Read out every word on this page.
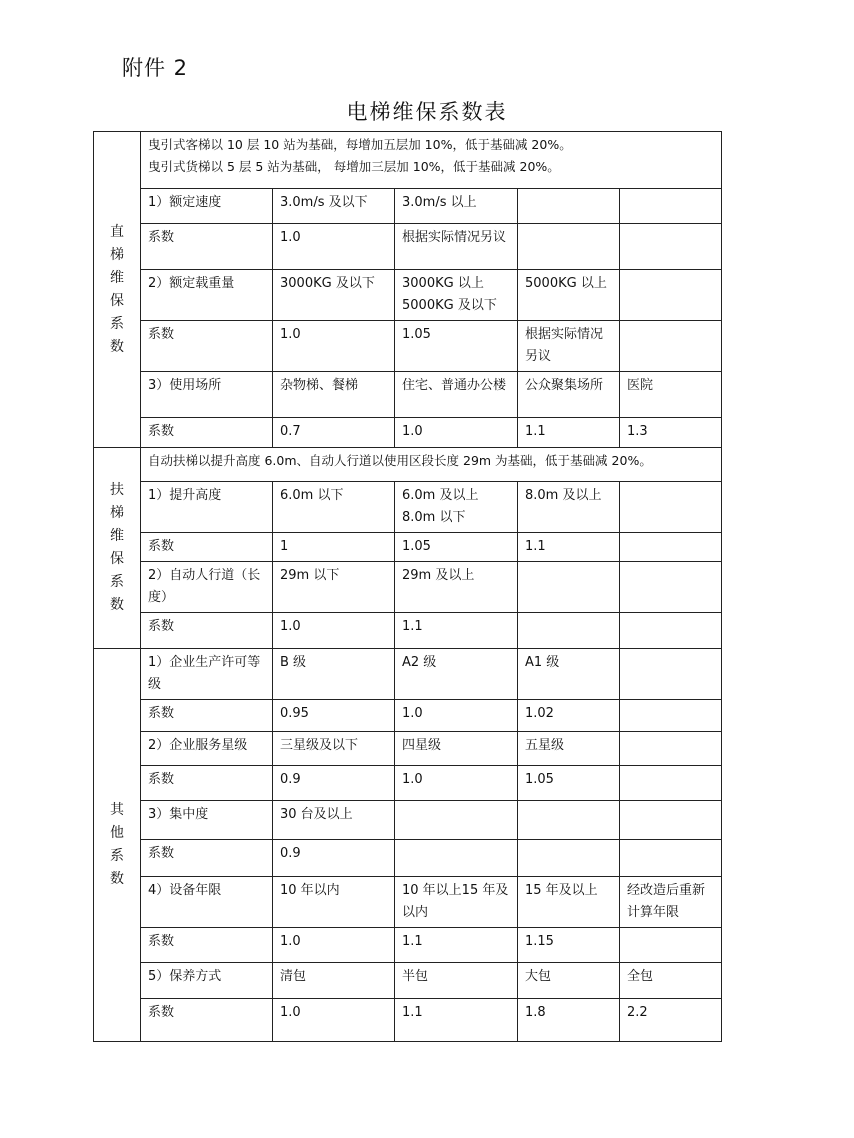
附件 2
电梯维保系数表
直梯维保系数	曳引式客梯以 10 层 10 站为基础，每增加五层加 10%，低于基础减 20%。
曳引式货梯以 5 层 5 站为基础， 每增加三层加 10%，低于基础减 20%。				

	1）额定速度	3.0m/s 及以下	3.0m/s 以上		
	系数	1.0	根据实际情况另议		
	2）额定载重量	3000KG 及以下	3000KG 以上5000KG 及以下	5000KG 以上	
	系数	1.0	1.05	根据实际情况另议	
	3）使用场所	杂物梯、餐梯	住宅、普通办公楼	公众聚集场所	医院
	系数	0.7	1.0	1.1	1.3
扶梯维保系数	自动扶梯以提升高度 6.0m、自动人行道以使用区段长度 29m 为基础，低于基础减 20%。				

	1）提升高度	6.0m 以下	6.0m 及以上8.0m 以下	8.0m 及以上	
	系数	1	1.05	1.1	
	2）自动人行道（长度）	29m 以下	29m 及以上		
	系数	1.0	1.1		
其他系数	1）企业生产许可等级	B 级	A2 级	A1 级	
	系数	0.95	1.0	1.02	
	2）企业服务星级	三星级及以下	四星级	五星级	
	系数	0.9	1.0	1.05	
	3）集中度	30 台及以上			
	系数	0.9			
	4）设备年限	10 年以内	10 年以上15 年及以内	15 年及以上	经改造后重新计算年限
	系数	1.0	1.1	1.15	
	5）保养方式	清包	半包	大包	全包
	系数	1.0	1.1	1.8	2.2
